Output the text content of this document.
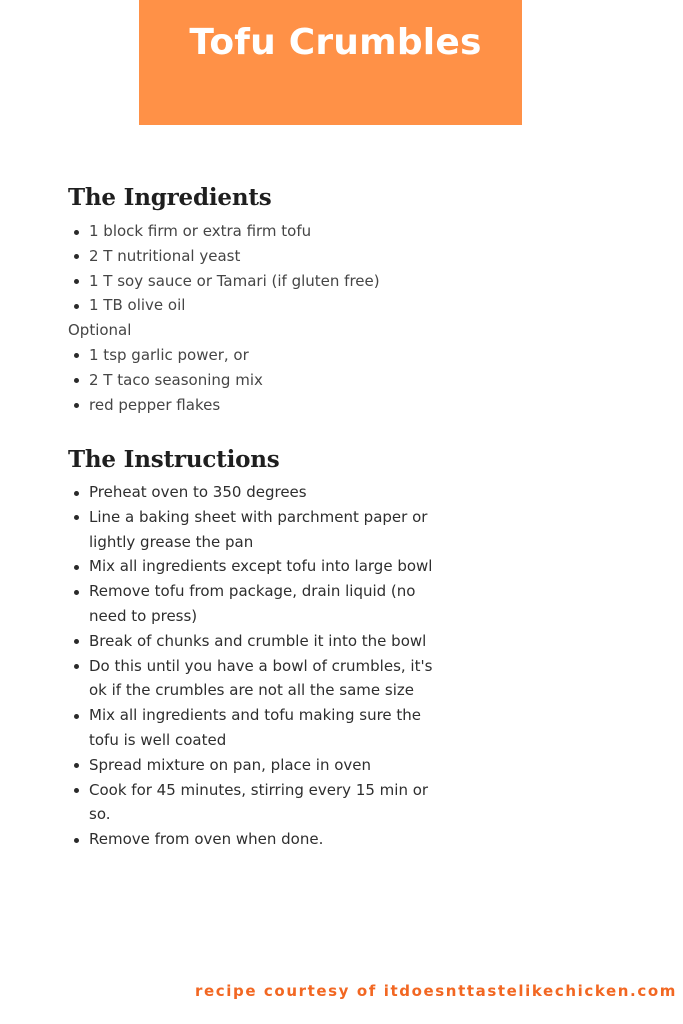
Tofu Crumbles
The Ingredients
1 block firm or extra firm tofu
2 T nutritional yeast
1 T soy sauce or Tamari (if gluten free)
1 TB olive oil
Optional
1 tsp garlic power, or
2 T taco seasoning mix
red pepper flakes
The Instructions
Preheat oven to 350 degrees
Line a baking sheet with parchment paper or lightly grease the pan
Mix all ingredients except tofu into large bowl
Remove tofu from package, drain liquid (no need to press)
Break of chunks and crumble it into the bowl
Do this until you have a bowl of crumbles, it's ok if the crumbles are not all the same size
Mix all ingredients and tofu making sure the tofu is well coated
Spread mixture on pan, place in oven
Cook for 45 minutes, stirring every 15 min or so.
Remove from oven when done.
recipe courtesy of itdoesnttastelikechicken.com
